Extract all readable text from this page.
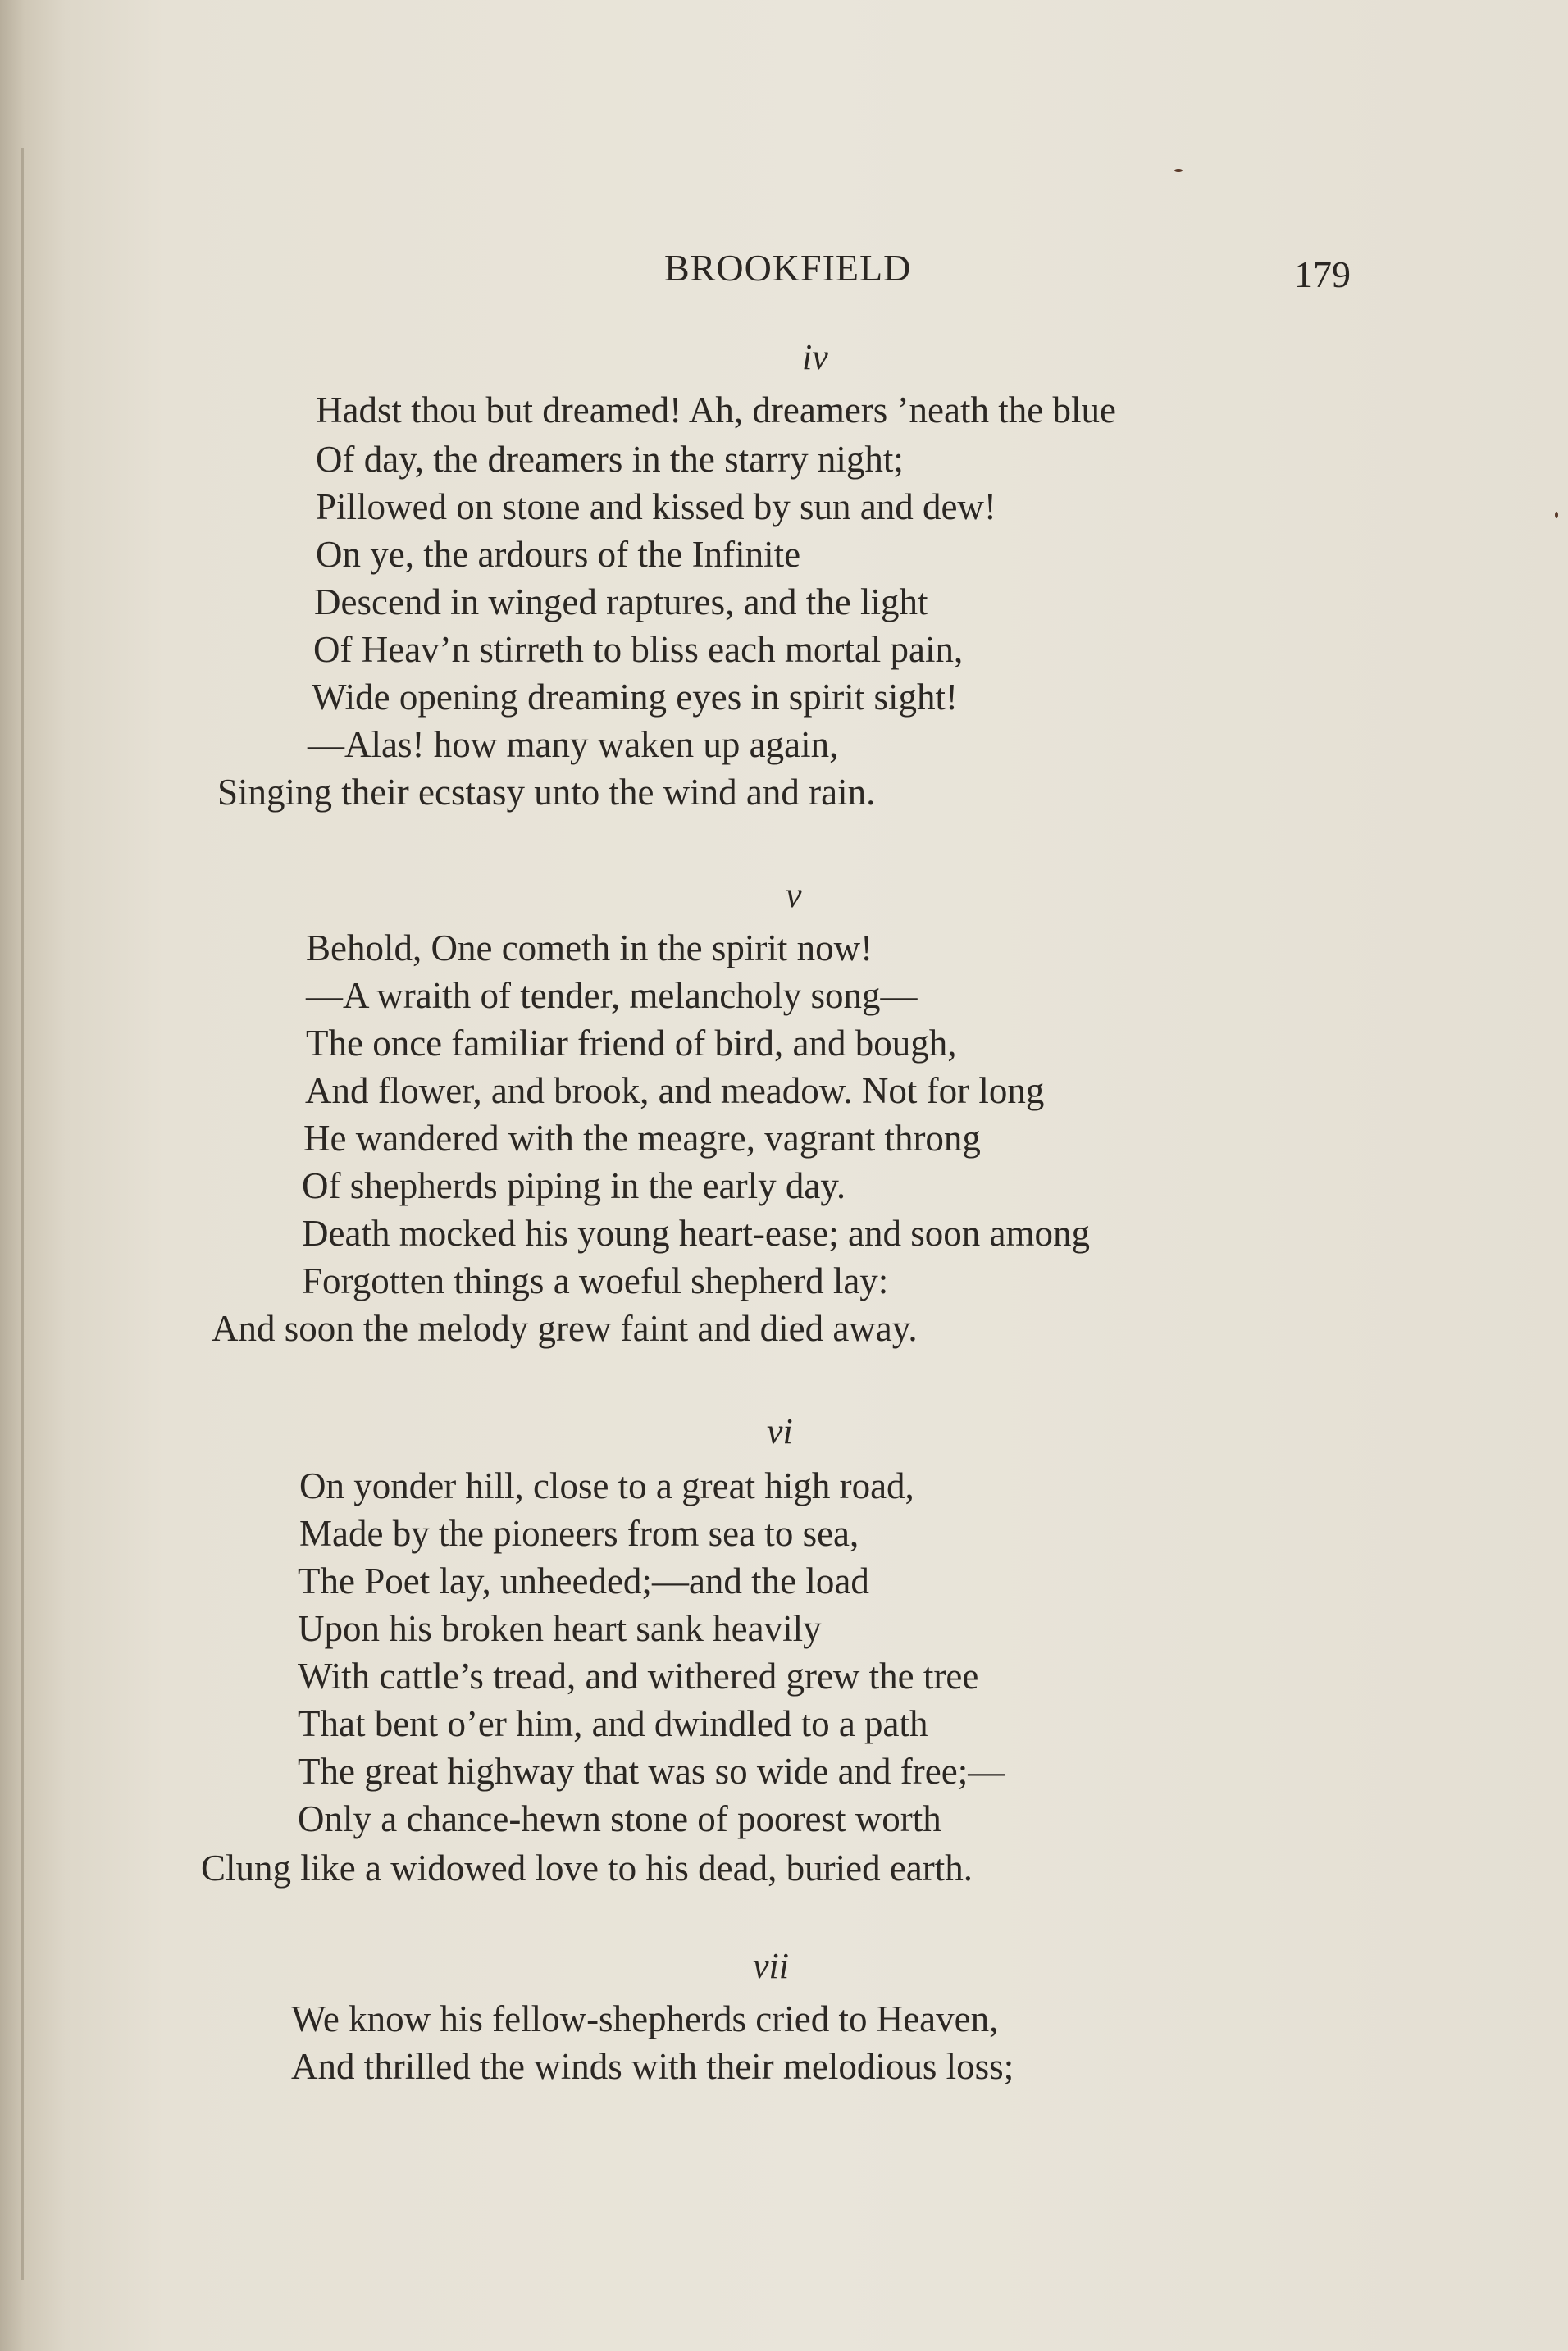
BROOKFIELD	179
iv
Hadst thou but dreamed! Ah, dreamers ’neath the blue
Of day, the dreamers in the starry night;
Pillowed on stone and kissed by sun and dew!
On ye, the ardours of the Infinite
Descend in winged raptures, and the light
Of Heav’n stirreth to bliss each mortal pain,
Wide opening dreaming eyes in spirit sight!
—Alas! how many waken up again,
Singing their ecstasy unto the wind and rain.
v
Behold, One cometh in the spirit now!
—A wraith of tender, melancholy song—
The once familiar friend of bird, and bough,
And flower, and brook, and meadow. Not for long
He wandered with the meagre, vagrant throng
Of shepherds piping in the early day.
Death mocked his young heart-ease; and soon among
Forgotten things a woeful shepherd lay:
And soon the melody grew faint and died away.
vi
On yonder hill, close to a great high road,
Made by the pioneers from sea to sea,
The Poet lay, unheeded;—and the load
Upon his broken heart sank heavily
With cattle’s tread, and withered grew the tree
That bent o’er him, and dwindled to a path
The great highway that was so wide and free;—
Only a chance-hewn stone of poorest worth
Clung like a widowed love to his dead, buried earth.
vii
We know his fellow-shepherds cried to Heaven,
And thrilled the winds with their melodious loss;
